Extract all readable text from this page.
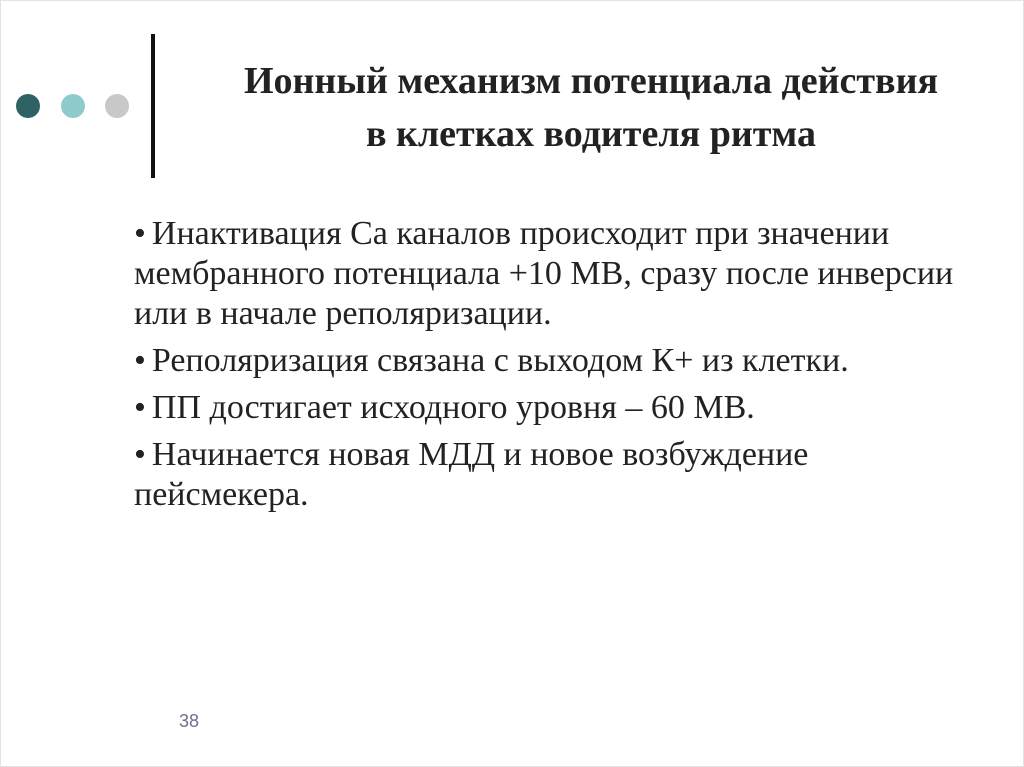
Ионный механизм потенциала действия
в клетках водителя ритма
• Инактивация Са каналов происходит при значении мембранного потенциала +10 МВ, сразу после инверсии или в начале реполяризации.
• Реполяризация связана с выходом К+ из клетки.
• ПП достигает исходного уровня – 60 МВ.
• Начинается новая МДД и новое возбуждение пейсмекера.
38
